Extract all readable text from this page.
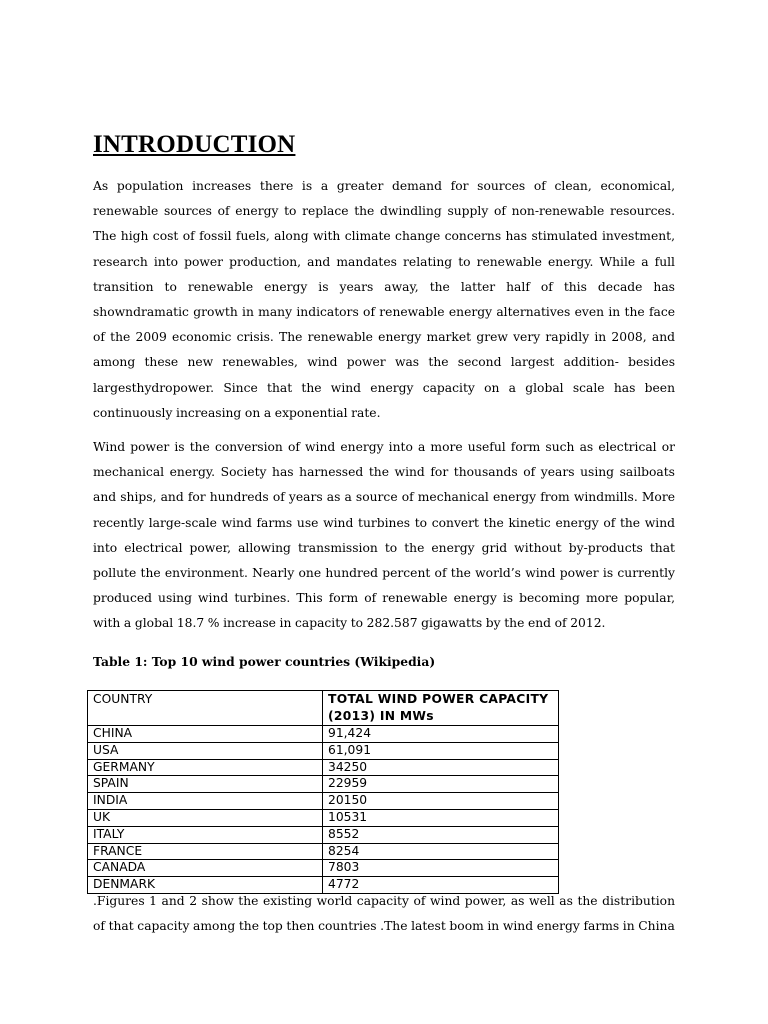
INTRODUCTION

As population increases there is a greater demand for sources of clean, economical, renewable sources of energy to replace the dwindling supply of non-renewable resources. The high cost of fossil fuels, along with climate change concerns has stimulated investment, research into power production, and mandates relating to renewable energy. While a full transition to renewable energy is years away, the latter half of this decade has showndramatic growth in many indicators of renewable energy alternatives even in the face of the 2009 economic crisis. The renewable energy market grew very rapidly in 2008, and among these new renewables, wind power was the second largest addition- besides largesthydropower. Since that the wind energy capacity on a global scale has been continuously increasing on a exponential rate.

Wind power is the conversion of wind energy into a more useful form such as electrical or mechanical energy. Society has harnessed the wind for thousands of years using sailboats and ships, and for hundreds of years as a source of mechanical energy from windmills. More recently large-scale wind farms use wind turbines to convert the kinetic energy of the wind into electrical power, allowing transmission to the energy grid without by-products that pollute the environment. Nearly one hundred percent of the world’s wind power is currently produced using wind turbines. This form of renewable energy is becoming more popular, with a global 18.7 % increase in capacity to 282.587 gigawatts by the end of 2012.

Table 1: Top 10 wind power countries (Wikipedia)

COUNTRY	TOTAL WIND POWER CAPACITY (2013) IN MWs
CHINA	91,424
USA	61,091
GERMANY	34250
SPAIN	22959
INDIA	20150
UK	10531
ITALY	8552
FRANCE	8254
CANADA	7803
DENMARK	4772

.Figures 1 and 2 show the existing world capacity of wind power, as well as the distribution of that capacity among the top then countries .The latest boom in wind energy farms in China
